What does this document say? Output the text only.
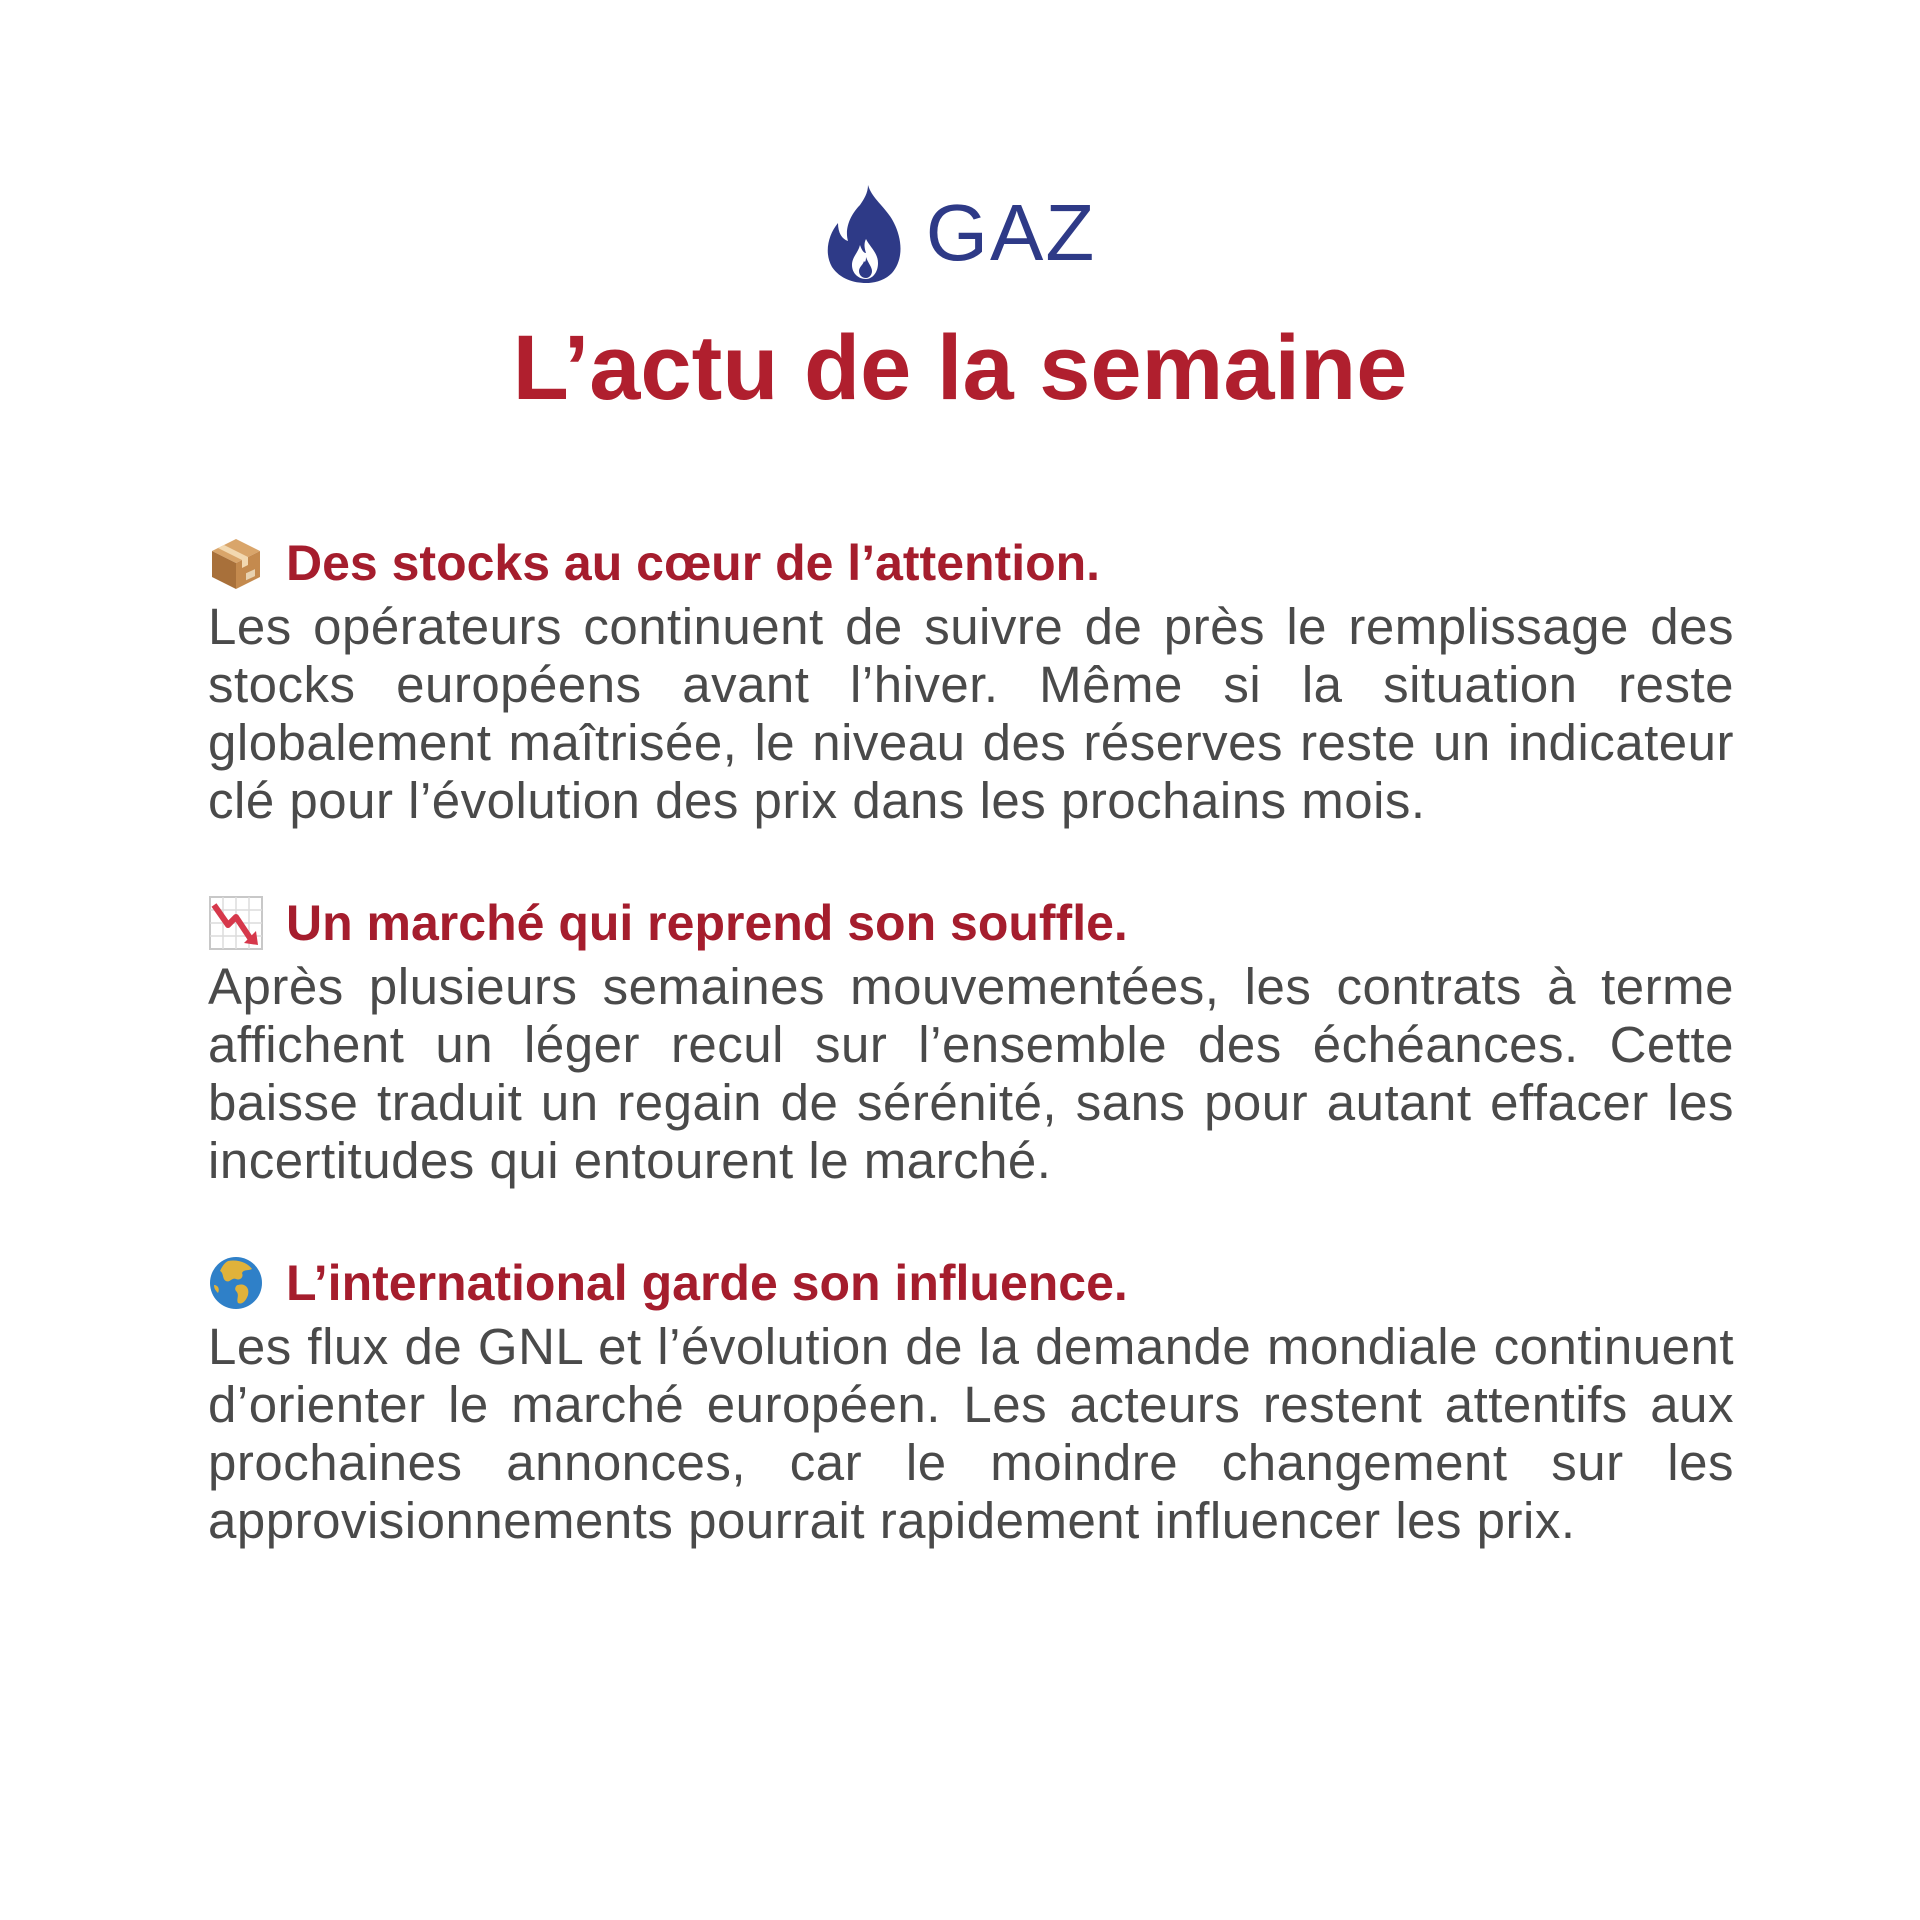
GAZ
L’actu de la semaine
Des stocks au cœur de l’attention.

Les opérateurs continuent de suivre de près le remplissage des stocks européens avant l’hiver. Même si la situation reste globalement maîtrisée, le niveau des réserves reste un indicateur clé pour l’évolution des prix dans les prochains mois.

Un marché qui reprend son souffle.

Après plusieurs semaines mouvementées, les contrats à terme affichent un léger recul sur l’ensemble des échéances. Cette baisse traduit un regain de sérénité, sans pour autant effacer les incertitudes qui entourent le marché.

L’international garde son influence.

Les flux de GNL et l’évolution de la demande mondiale continuent d’orienter le marché européen. Les acteurs restent attentifs aux prochaines annonces, car le moindre changement sur les approvisionnements pourrait rapidement influencer les prix.
